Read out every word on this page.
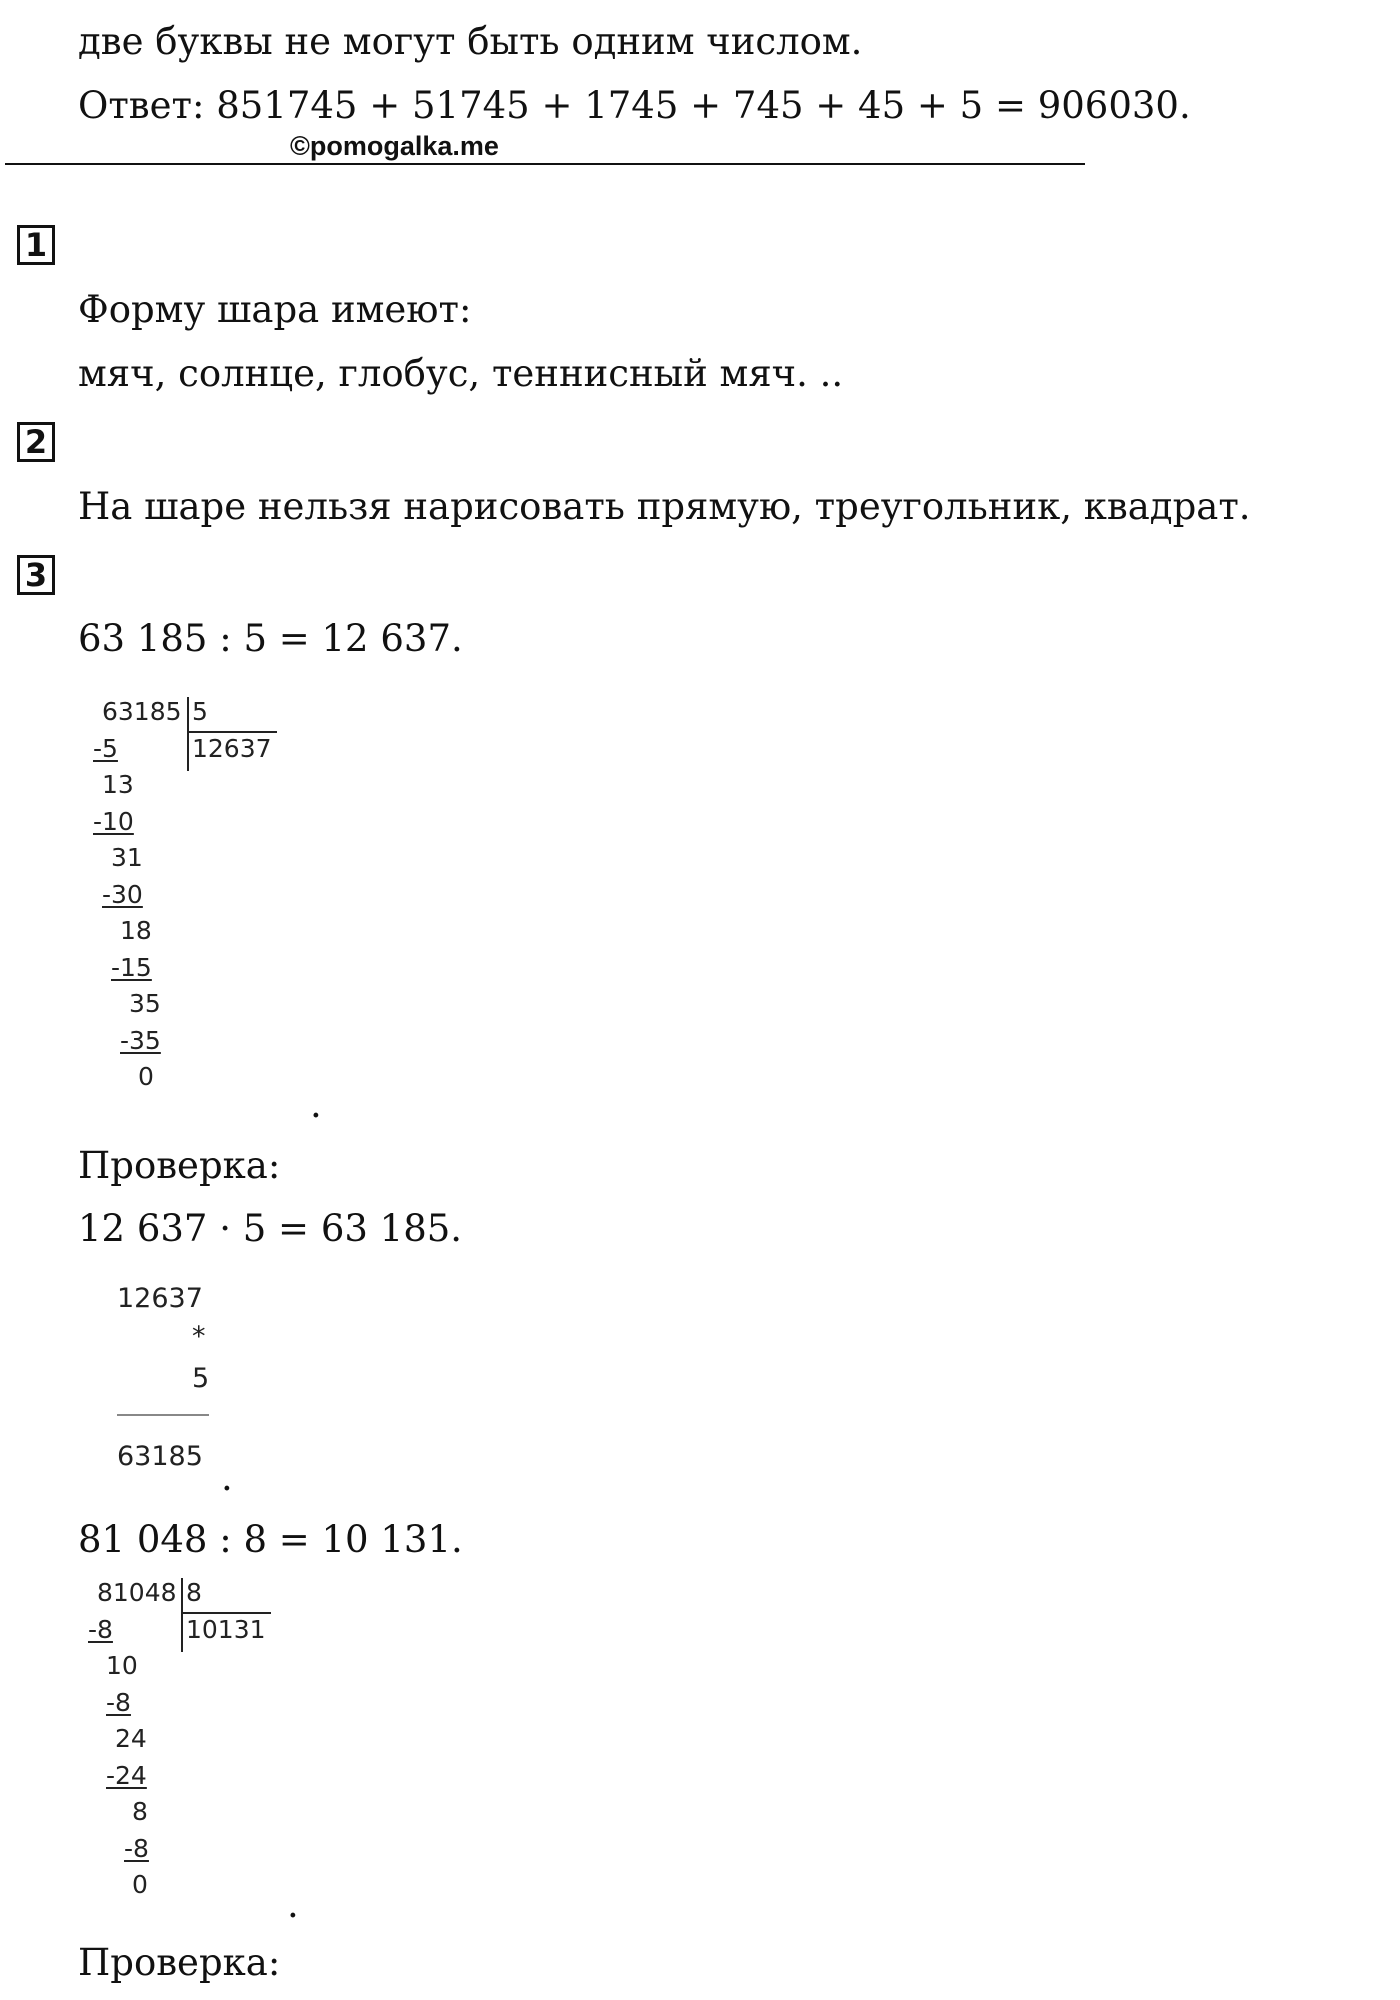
две буквы не могут быть одним числом.
Ответ: 851745 + 51745 + 1745 + 745 + 45 + 5 = 906030.
©pomogalka.me
1
Форму шара имеют:
мяч, солнце, глобус, теннисный мяч. ..
2
На шаре нельзя нарисовать прямую, треугольник, квадрат.
3
63 185 : 5 = 12 637.
63185 5
12637
-5
13
-10
31
-30
18
-15
35
-35
0
.
Проверка:
12 637 · 5 = 63 185.
12637
*
5
63185 .
81 048 : 8 = 10 131.
81048 8
10131
-8
10
-8
24
-24
8
-8
0	.
Проверка:
